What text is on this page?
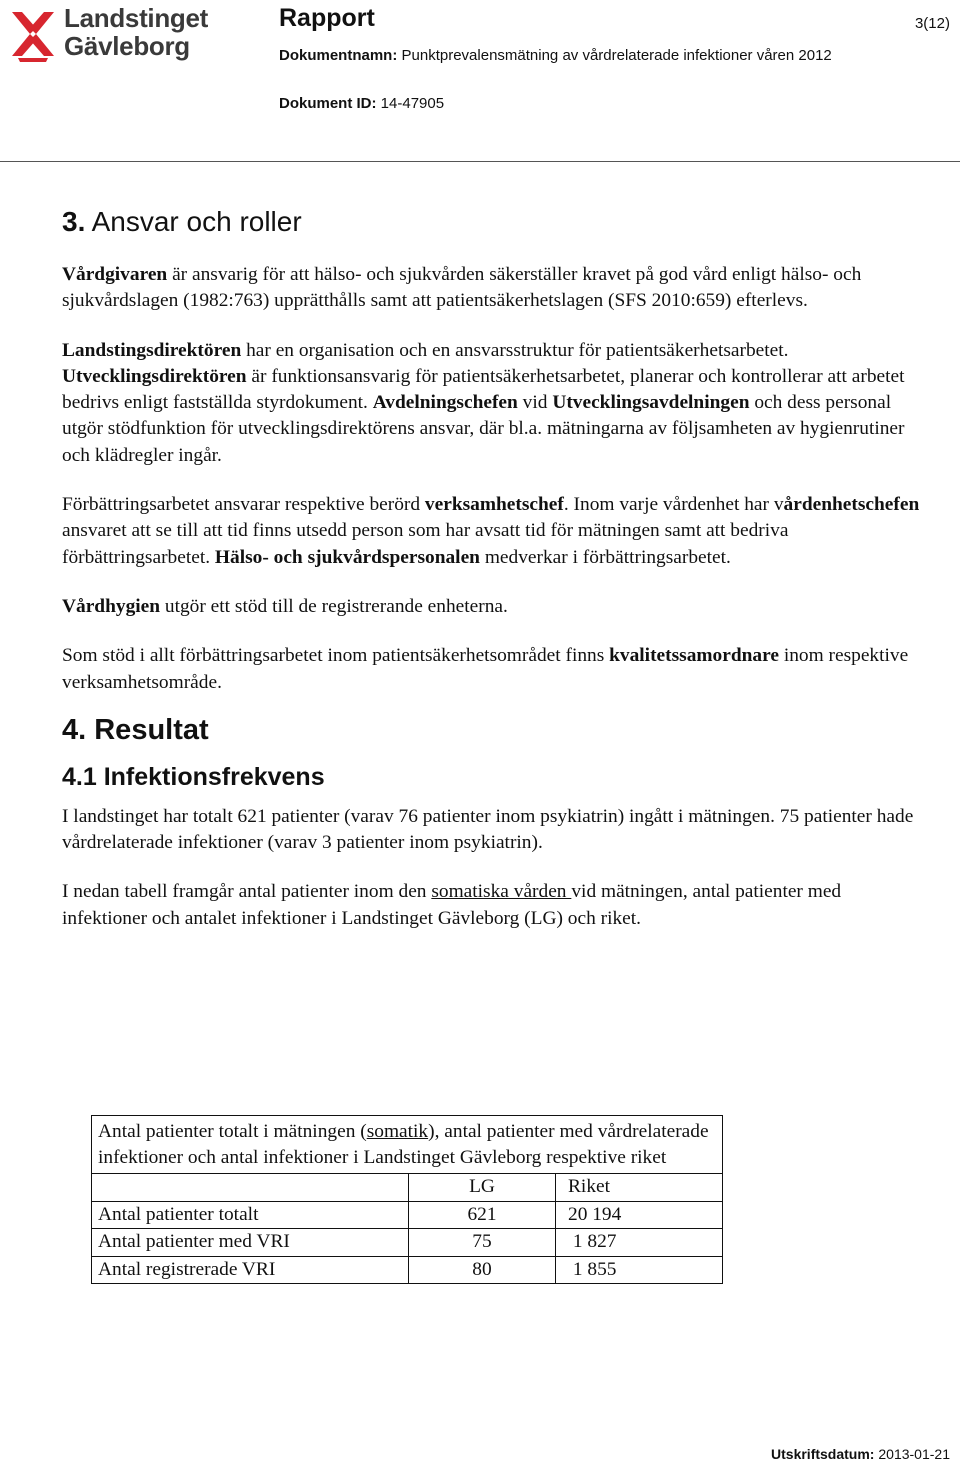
Landstinget
Gävleborg
Rapport	3(12)
Dokumentnamn: Punktprevalensmätning av vårdrelaterade infektioner våren 2012
Dokument ID: 14-47905
3. Ansvar och roller

Vårdgivaren är ansvarig för att hälso- och sjukvården säkerställer kravet på god vård enligt hälso- och sjukvårdslagen (1982:763) upprätthålls samt att patientsäkerhetslagen (SFS 2010:659) efterlevs.

Landstingsdirektören har en organisation och en ansvarsstruktur för patientsäkerhetsarbetet. Utvecklingsdirektören är funktionsansvarig för patientsäkerhetsarbetet, planerar och kontrollerar att arbetet bedrivs enligt fastställda styrdokument. Avdelningschefen vid Utvecklingsavdelningen och dess personal utgör stödfunktion för utvecklingsdirektörens ansvar, där bl.a. mätningarna av följsamheten av hygienrutiner och klädregler ingår.

Förbättringsarbetet ansvarar respektive berörd verksamhetschef. Inom varje vårdenhet har vårdenhetschefen ansvaret att se till att tid finns utsedd person som har avsatt tid för mätningen samt att bedriva förbättringsarbetet. Hälso- och sjukvårdspersonalen medverkar i förbättringsarbetet.

Vårdhygien utgör ett stöd till de registrerande enheterna.

Som stöd i allt förbättringsarbetet inom patientsäkerhetsområdet finns kvalitetssamordnare inom respektive verksamhetsområde.

4. Resultat
4.1 Infektionsfrekvens

I landstinget har totalt 621 patienter (varav 76 patienter inom psykiatrin) ingått i mätningen. 75 patienter hade vårdrelaterade infektioner (varav 3 patienter inom psykiatrin).

I nedan tabell framgår antal patienter inom den somatiska vården vid mätningen, antal patienter med infektioner och antalet infektioner i Landstinget Gävleborg (LG) och riket.

Antal patienter totalt i mätningen (somatik), antal patienter med vårdrelaterade infektioner och antal infektioner i Landstinget Gävleborg respektive riket		
	LG	Riket
Antal patienter totalt	621	20 194
Antal patienter med VRI	75	1 827
Antal registrerade VRI	80	1 855
Utskriftsdatum: 2013-01-21
